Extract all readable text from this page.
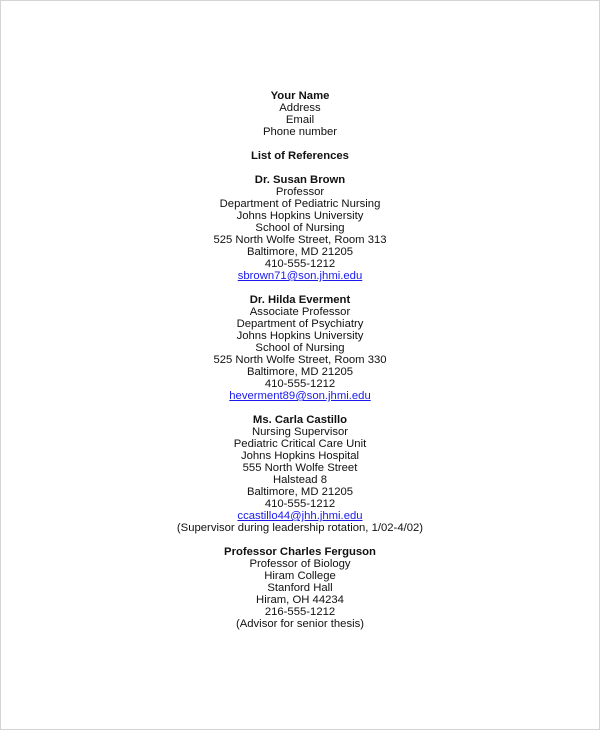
Your Name
Address
Email
Phone number
List of References
Dr. Susan Brown
Professor
Department of Pediatric Nursing
Johns Hopkins University
School of Nursing
525 North Wolfe Street, Room 313
Baltimore, MD 21205
410-555-1212
sbrown71@son.jhmi.edu
Dr. Hilda Everment
Associate Professor
Department of Psychiatry
Johns Hopkins University
School of Nursing
525 North Wolfe Street, Room 330
Baltimore, MD 21205
410-555-1212
heverment89@son.jhmi.edu
Ms. Carla Castillo
Nursing Supervisor
Pediatric Critical Care Unit
Johns Hopkins Hospital
555 North Wolfe Street
Halstead 8
Baltimore, MD 21205
410-555-1212
ccastillo44@jhh.jhmi.edu
(Supervisor during leadership rotation, 1/02-4/02)
Professor Charles Ferguson
Professor of Biology
Hiram College
Stanford Hall
Hiram, OH 44234
216-555-1212
(Advisor for senior thesis)
